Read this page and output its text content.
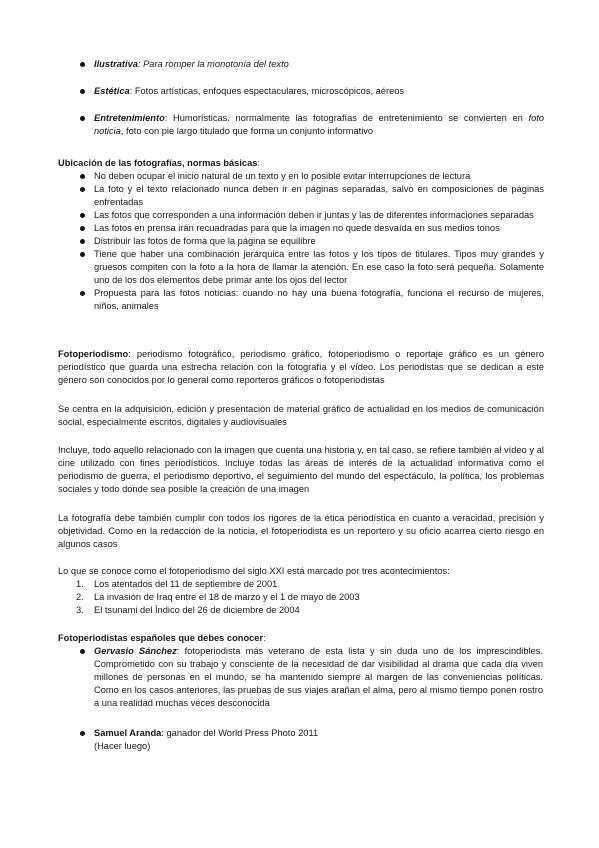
Ilustrativa: Para romper la monotonía del texto
Estética: Fotos artísticas, enfoques espectaculares, microscópicos, aéreos
Entretenimiento: Humorísticas. normalmente las fotografías de entretenimiento se convierten en foto noticia, foto con pie largo titulado que forma un conjunto informativo

Ubicación de las fotografías, normas básicas:

No deben ocupar el inicio natural de un texto y en lo posible evitar interrupciones de lectura
La foto y el texto relacionado nunca deben ir en páginas separadas, salvo en composiciones de páginas enfrentadas
Las fotos que corresponden a una información deben ir juntas y las de diferentes informaciones separadas
Las fotos en prensa irán recuadradas para que la imagen no quede desvaída en sus medios tonos
Distribuir las fotos de forma que la página se equilibre
Tiene que haber una combinación jerárquica entre las fotos y los tipos de titulares. Tipos muy grandes y gruesos compiten con la foto a la hora de llamar la atención. En ese caso la foto será pequeña. Solamente uno de los dos elementos debe primar ante los ojos del lector
Propuesta para las fotos noticias: cuando no hay una buena fotografía, funciona el recurso de mujeres, niños, animales

Fotoperiodismo: periodismo fotográfico, periodismo gráfico, fotoperiodismo o reportaje gráfico es un género periodístico que guarda una estrecha relación con la fotografía y el vídeo. Los periodistas que se dedican a este género son conocidos por lo general como reporteros gráficos o fotoperiodistas

Se centra en la adquisición, edición y presentación de material gráfico de actualidad en los medios de comunicación social, especialmente escritos, digitales y audiovisuales

Incluye, todo aquello relacionado con la imagen que cuenta una historia y, en tal caso, se refiere también al vídeo y al cine utilizado con fines periodísticos. Incluye todas las áreas de interés de la actualidad informativa como el periodismo de guerra, el periodismo deportivo, el seguimiento del mundo del espectáculo, la política, los problemas sociales y todo donde sea posible la creación de una imagen

La fotografía debe también cumplir con todos los rigores de la ética periodística en cuanto a veracidad, precisión y objetividad. Como en la redacción de la noticia, el fotoperiodista es un reportero y su oficio acarrea cierto riesgo en algunos casos

Lo que se conoce como el fotoperiodismo del siglo XXI está marcado por tres acontecimientos:

1. Los atentados del 11 de septiembre de 2001
2. La invasión de Iraq entre el 18 de marzo y el 1 de mayo de 2003
3. El tsunami del Índico del 26 de diciembre de 2004

Fotoperiodistas españoles que debes conocer:

Gervasio Sánchez: fotoperiodista más veterano de esta lista y sin duda uno de los imprescindibles. Comprometido con su trabajo y consciente de la necesidad de dar visibilidad al drama que cada día viven millones de personas en el mundo, se ha mantenido siempre al margen de las conveniencias políticas. Como en los casos anteriores, las pruebas de sus viajes arañan el alma, pero al mismo tiempo ponen rostro a una realidad muchas veces desconocida
Samuel Aranda: ganador del World Press Photo 2011
(Hacer luego)
